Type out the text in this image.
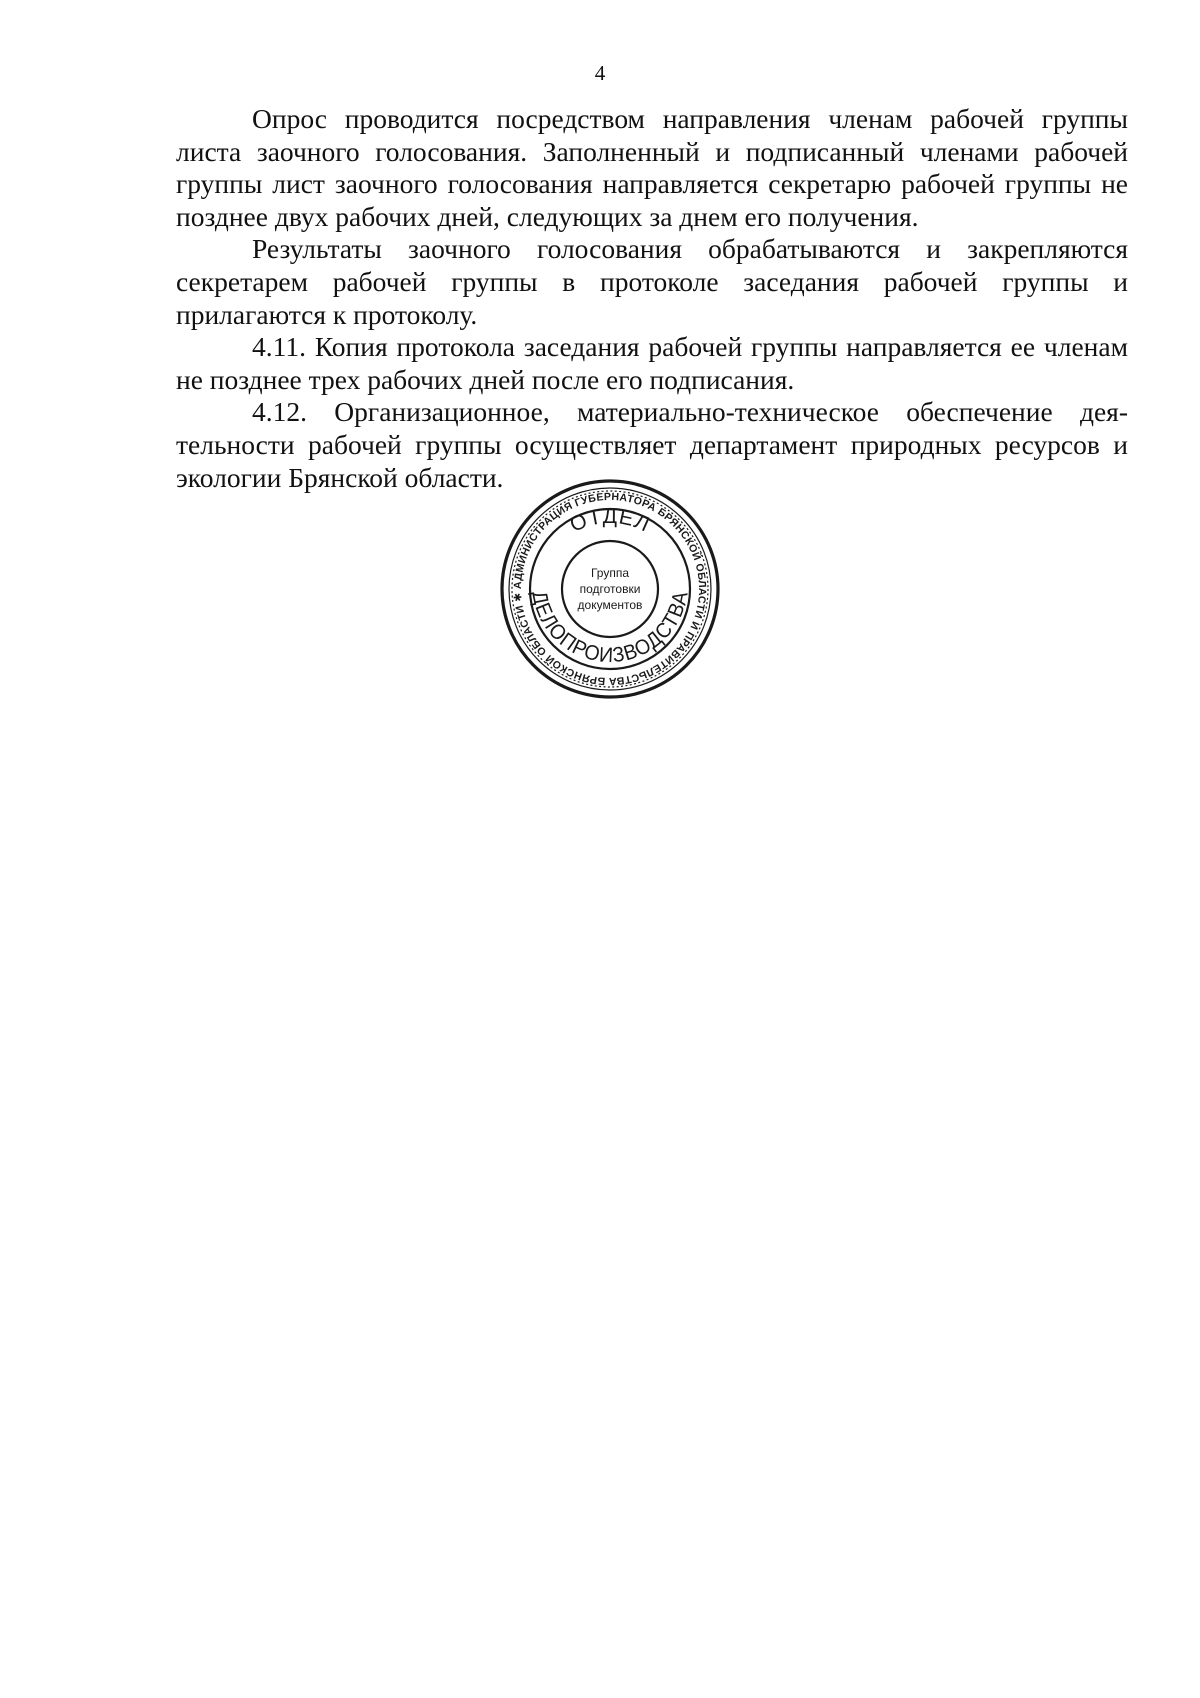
4

Опрос проводится посредством направления членам рабочей группы листа заочного голосования. Заполненный и подписанный членами рабочей группы лист заочного голосования направляется секретарю рабочей группы не позднее двух рабочих дней, следующих за днем его получения.

Результаты заочного голосования обрабатываются и закрепляются секретарем рабочей группы в протоколе заседания рабочей группы и прилагаются к протоколу.

4.11. Копия протокола заседания рабочей группы направляется ее членам не позднее трех рабочих дней после его подписания.

4.12. Организационное, материально-техническое обеспечение деятельности рабочей группы осуществляет департамент природных ресурсов и экологии Брянской области.

АДМИНИСТРАЦИЯ ГУБЕРНАТОРА БРЯНСКОЙ ОБЛАСТИ И ПРАВИТЕЛЬСТВА БРЯНСКОЙ ОБЛАСТИ ✱
ОТДЕЛ
ДЕЛОПРОИЗВОДСТВА
Группа
подготовки
документов
